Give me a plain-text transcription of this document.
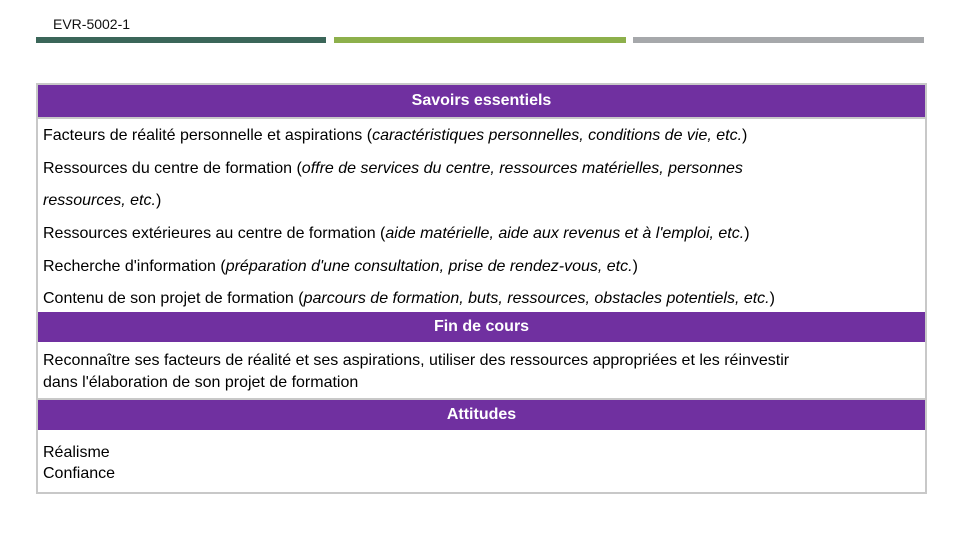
EVR-5002-1
Savoirs essentiels
Facteurs de réalité personnelle et aspirations (caractéristiques personnelles, conditions de vie, etc.)
Ressources du centre de formation (offre de services du centre, ressources matérielles, personnes
ressources, etc.)
Ressources extérieures au centre de formation (aide matérielle, aide aux revenus et à l'emploi, etc.)
Recherche d'information (préparation d'une consultation, prise de rendez-vous, etc.)
Contenu de son projet de formation (parcours de formation, buts, ressources, obstacles potentiels, etc.)
Fin de cours
Reconnaître ses facteurs de réalité et ses aspirations, utiliser des ressources appropriées et les réinvestir
dans l'élaboration de son projet de formation
Attitudes
Réalisme
Confiance
